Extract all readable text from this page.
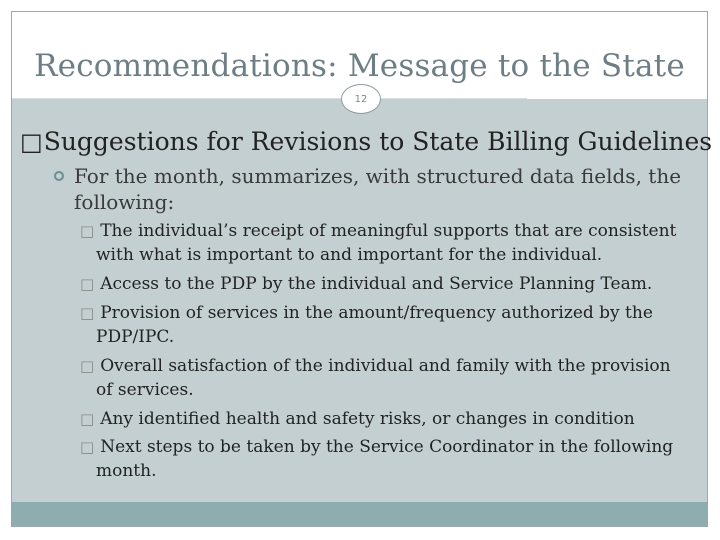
Recommendations: Message to the State
12
□Suggestions for Revisions to State Billing Guidelines
For the month, summarizes, with structured data fields, the
following:
□ The individual’s receipt of meaningful supports that are consistent
with what is important to and important for the individual.
□ Access to the PDP by the individual and Service Planning Team.
□ Provision of services in the amount/frequency authorized by the
PDP/IPC.
□ Overall satisfaction of the individual and family with the provision
of services.
□ Any identified health and safety risks, or changes in condition
□ Next steps to be taken by the Service Coordinator in the following
month.
